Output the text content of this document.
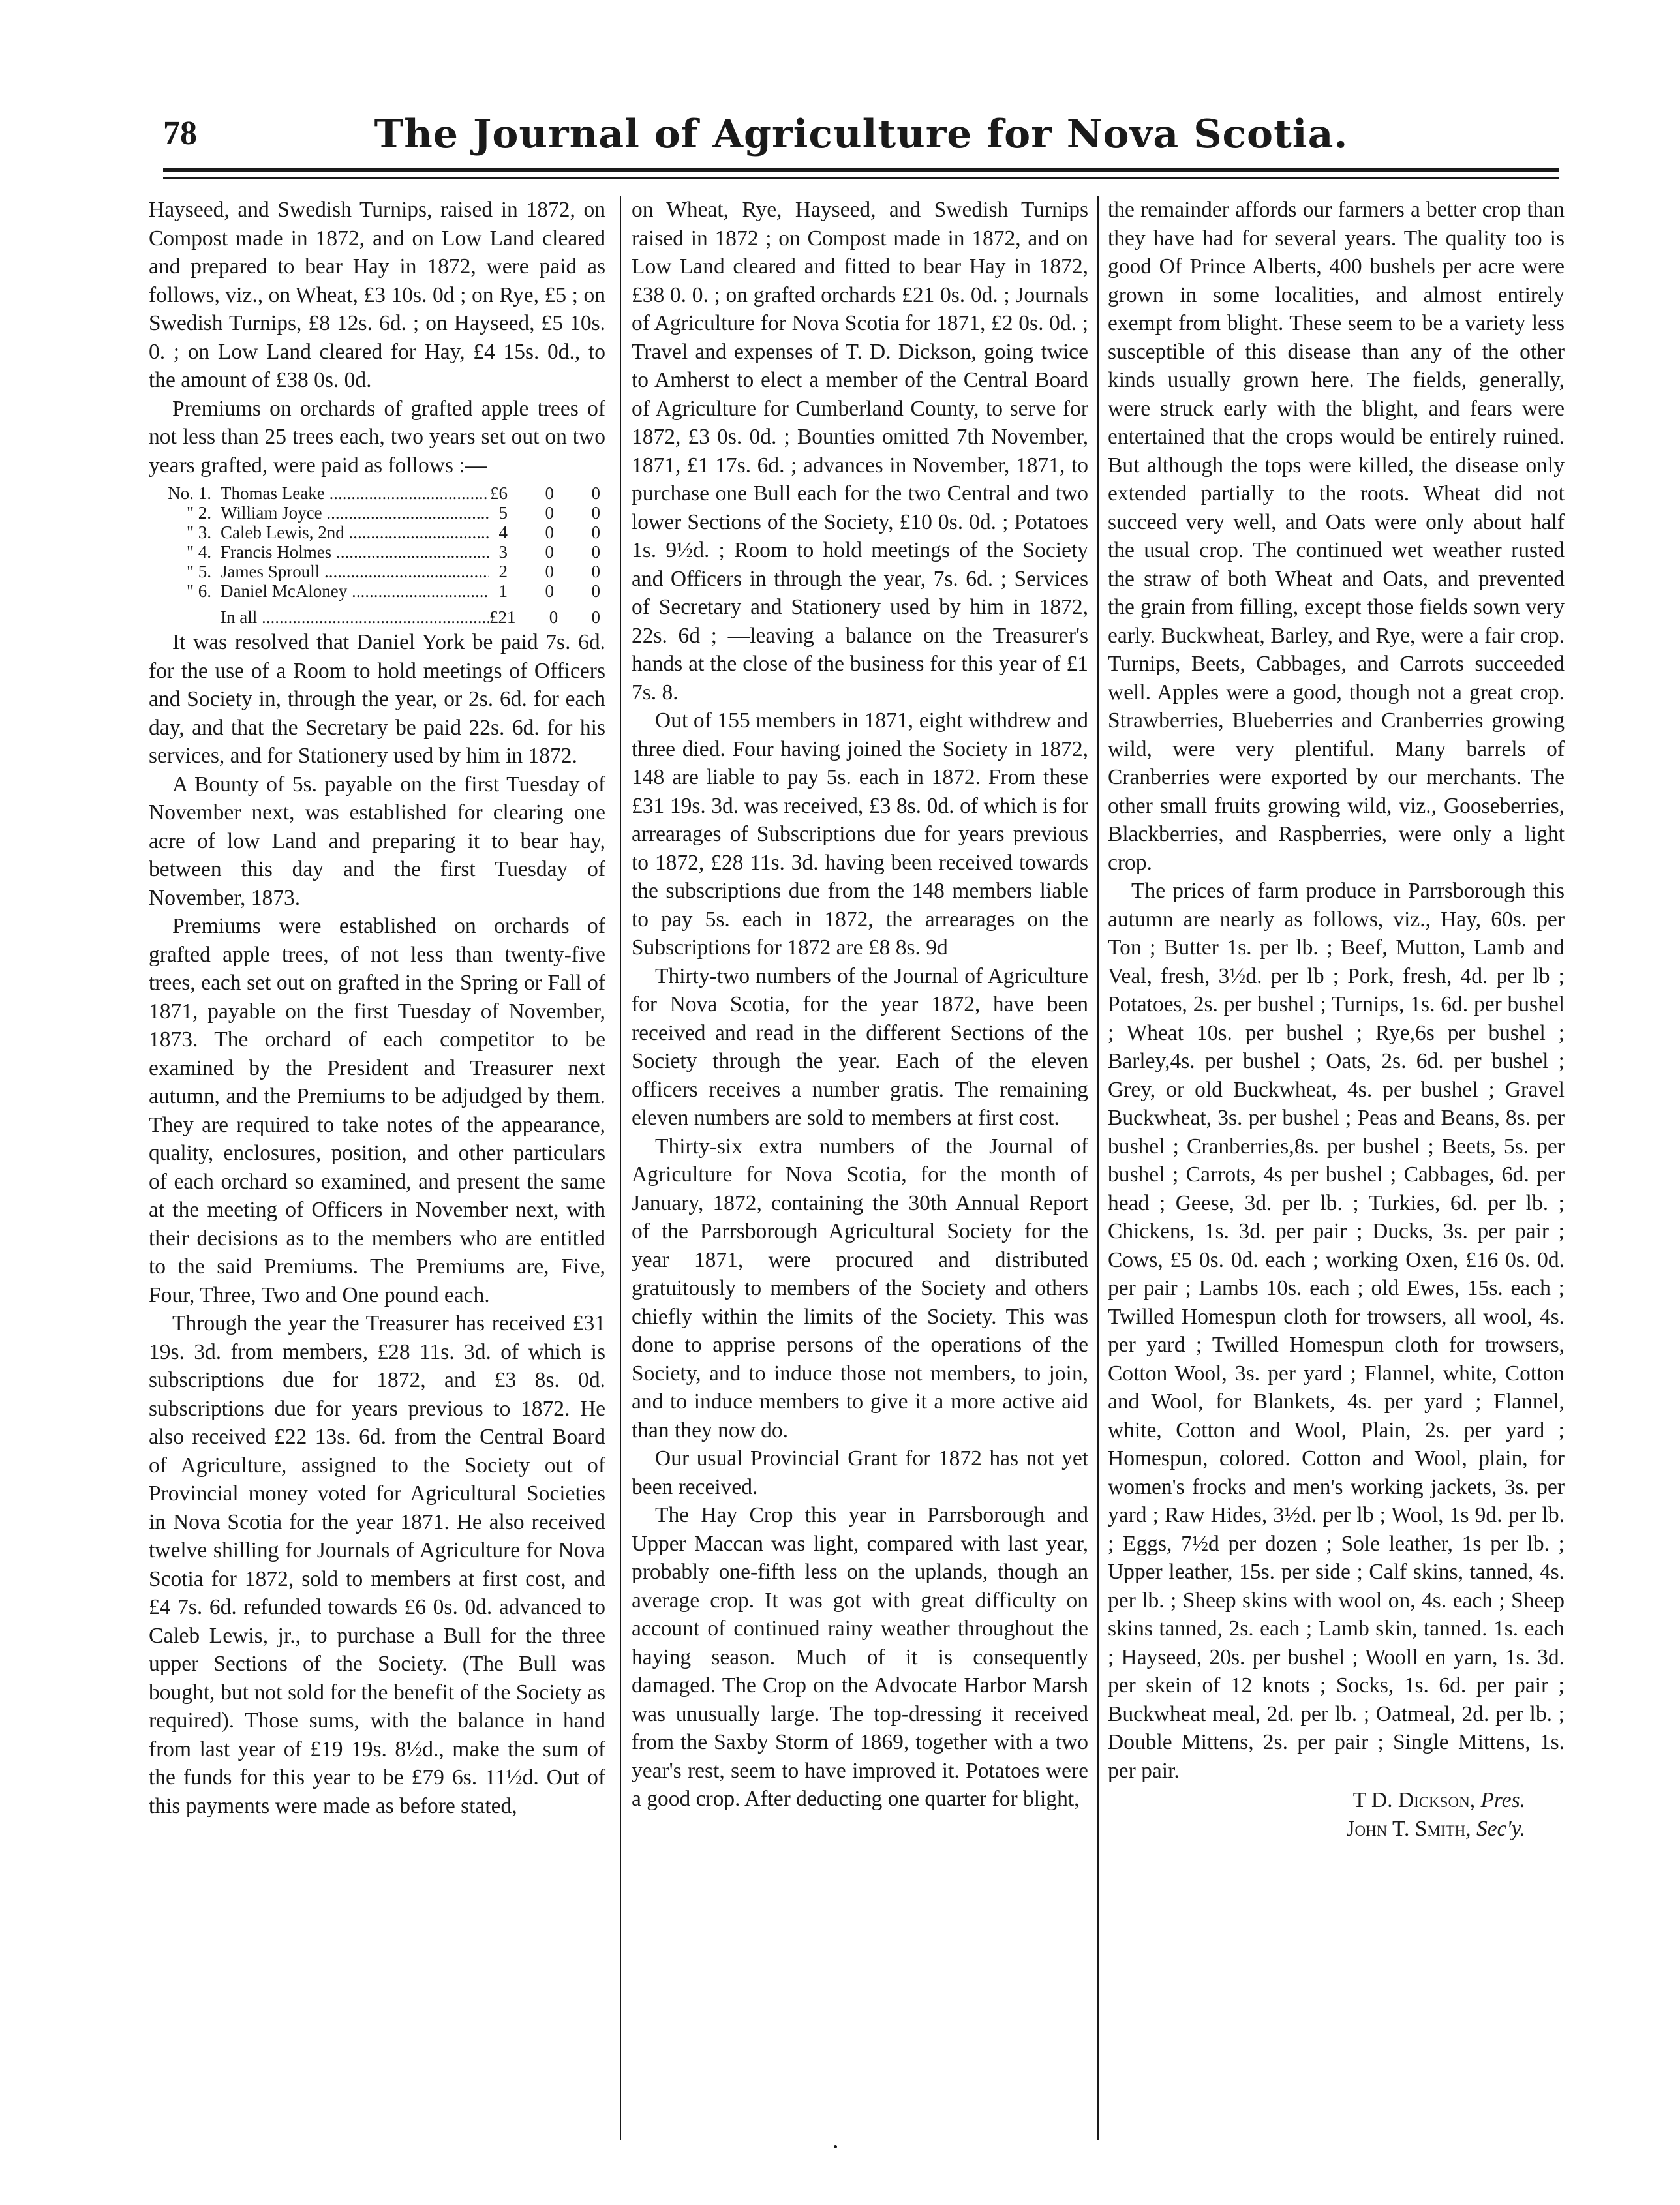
78	The Journal of Agriculture for Nova Scotia.

Hayseed, and Swedish Turnips, raised in 1872, on Compost made in 1872, and on Low Land cleared and prepared to bear Hay in 1872, were paid as follows, viz., on Wheat, £3 10s. 0d ; on Rye, £5 ; on Swedish Turnips, £8 12s. 6d. ; on Hayseed, £5 10s. 0. ; on Low Land cleared for Hay, £4 15s. 0d., to the amount of £38 0s. 0d.

Premiums on orchards of grafted apple trees of not less than 25 trees each, two years set out on two years grafted, were paid as follows :—

No. 1. Thomas Leake .....	£6	0	0
" 2. William Joyce .....	5	0	0
" 3. Caleb Lewis, 2nd .....	4	0	0
" 4. Francis Holmes .....	3	0	0
" 5. James Sproull .....	2	0	0
" 6. Daniel McAloney .....	1	0	0
In all .....	£21	0	0

It was resolved that Daniel York be paid 7s. 6d. for the use of a Room to hold meetings of Officers and Society in, through the year, or 2s. 6d. for each day, and that the Secretary be paid 22s. 6d. for his services, and for Stationery used by him in 1872.

A Bounty of 5s. payable on the first Tuesday of November next, was established for clearing one acre of low Land and preparing it to bear hay, between this day and the first Tuesday of November, 1873.

Premiums were established on orchards of grafted apple trees, of not less than twenty-five trees, each set out on grafted in the Spring or Fall of 1871, payable on the first Tuesday of November, 1873. The orchard of each competitor to be examined by the President and Treasurer next autumn, and the Premiums to be adjudged by them. They are required to take notes of the appearance, quality, enclosures, position, and other particulars of each orchard so examined, and present the same at the meeting of Officers in November next, with their decisions as to the members who are entitled to the said Premiums. The Premiums are, Five, Four, Three, Two and One pound each.

Through the year the Treasurer has received £31 19s. 3d. from members, £28 11s. 3d. of which is subscriptions due for 1872, and £3 8s. 0d. subscriptions due for years previous to 1872. He also received £22 13s. 6d. from the Central Board of Agriculture, assigned to the Society out of Provincial money voted for Agricultural Societies in Nova Scotia for the year 1871. He also received twelve shilling for Journals of Agriculture for Nova Scotia for 1872, sold to members at first cost, and £4 7s. 6d. refunded towards £6 0s. 0d. advanced to Caleb Lewis, jr., to purchase a Bull for the three upper Sections of the Society. (The Bull was bought, but not sold for the benefit of the Society as required). Those sums, with the balance in hand from last year of £19 19s. 8½d., make the sum of the funds for this year to be £79 6s. 11½d. Out of this payments were made as before stated,

on Wheat, Rye, Hayseed, and Swedish Turnips raised in 1872 ; on Compost made in 1872, and on Low Land cleared and fitted to bear Hay in 1872, £38 0. 0. ; on grafted orchards £21 0s. 0d. ; Journals of Agriculture for Nova Scotia for 1871, £2 0s. 0d. ; Travel and expenses of T. D. Dickson, going twice to Amherst to elect a member of the Central Board of Agriculture for Cumberland County, to serve for 1872, £3 0s. 0d. ; Bounties omitted 7th November, 1871, £1 17s. 6d. ; advances in November, 1871, to purchase one Bull each for the two Central and two lower Sections of the Society, £10 0s. 0d. ; Potatoes 1s. 9½d. ; Room to hold meetings of the Society and Officers in through the year, 7s. 6d. ; Services of Secretary and Stationery used by him in 1872, 22s. 6d ; —leaving a balance on the Treasurer's hands at the close of the business for this year of £1 7s. 8.

Out of 155 members in 1871, eight withdrew and three died. Four having joined the Society in 1872, 148 are liable to pay 5s. each in 1872. From these £31 19s. 3d. was received, £3 8s. 0d. of which is for arrearages of Subscriptions due for years previous to 1872, £28 11s. 3d. having been received towards the subscriptions due from the 148 members liable to pay 5s. each in 1872, the arrearages on the Subscriptions for 1872 are £8 8s. 9d

Thirty-two numbers of the Journal of Agriculture for Nova Scotia, for the year 1872, have been received and read in the different Sections of the Society through the year. Each of the eleven officers receives a number gratis. The remaining eleven numbers are sold to members at first cost.

Thirty-six extra numbers of the Journal of Agriculture for Nova Scotia, for the month of January, 1872, containing the 30th Annual Report of the Parrsborough Agricultural Society for the year 1871, were procured and distributed gratuitously to members of the Society and others chiefly within the limits of the Society. This was done to apprise persons of the operations of the Society, and to induce those not members, to join, and to induce members to give it a more active aid than they now do.

Our usual Provincial Grant for 1872 has not yet been received.

The Hay Crop this year in Parrsborough and Upper Maccan was light, compared with last year, probably one-fifth less on the uplands, though an average crop. It was got with great difficulty on account of continued rainy weather throughout the haying season. Much of it is consequently damaged. The Crop on the Advocate Harbor Marsh was unusually large. The top-dressing it received from the Saxby Storm of 1869, together with a two year's rest, seem to have improved it. Potatoes were a good crop. After deducting one quarter for blight,

the remainder affords our farmers a better crop than they have had for several years. The quality too is good Of Prince Alberts, 400 bushels per acre were grown in some localities, and almost entirely exempt from blight. These seem to be a variety less susceptible of this disease than any of the other kinds usually grown here. The fields, generally, were struck early with the blight, and fears were entertained that the crops would be entirely ruined. But although the tops were killed, the disease only extended partially to the roots. Wheat did not succeed very well, and Oats were only about half the usual crop. The continued wet weather rusted the straw of both Wheat and Oats, and prevented the grain from filling, except those fields sown very early. Buckwheat, Barley, and Rye, were a fair crop. Turnips, Beets, Cabbages, and Carrots succeeded well. Apples were a good, though not a great crop. Strawberries, Blueberries and Cranberries growing wild, were very plentiful. Many barrels of Cranberries were exported by our merchants. The other small fruits growing wild, viz., Gooseberries, Blackberries, and Raspberries, were only a light crop.

The prices of farm produce in Parrsborough this autumn are nearly as follows, viz., Hay, 60s. per Ton ; Butter 1s. per lb. ; Beef, Mutton, Lamb and Veal, fresh, 3½d. per lb ; Pork, fresh, 4d. per lb ; Potatoes, 2s. per bushel ; Turnips, 1s. 6d. per bushel ; Wheat 10s. per bushel ; Rye,6s per bushel ; Barley,4s. per bushel ; Oats, 2s. 6d. per bushel ; Grey, or old Buckwheat, 4s. per bushel ; Gravel Buckwheat, 3s. per bushel ; Peas and Beans, 8s. per bushel ; Cranberries,8s. per bushel ; Beets, 5s. per bushel ; Carrots, 4s per bushel ; Cabbages, 6d. per head ; Geese, 3d. per lb. ; Turkies, 6d. per lb. ; Chickens, 1s. 3d. per pair ; Ducks, 3s. per pair ; Cows, £5 0s. 0d. each ; working Oxen, £16 0s. 0d. per pair ; Lambs 10s. each ; old Ewes, 15s. each ; Twilled Homespun cloth for trowsers, all wool, 4s. per yard ; Twilled Homespun cloth for trowsers, Cotton Wool, 3s. per yard ; Flannel, white, Cotton and Wool, for Blankets, 4s. per yard ; Flannel, white, Cotton and Wool, Plain, 2s. per yard ; Homespun, colored. Cotton and Wool, plain, for women's frocks and men's working jackets, 3s. per yard ; Raw Hides, 3½d. per lb ; Wool, 1s 9d. per lb. ; Eggs, 7½d per dozen ; Sole leather, 1s per lb. ; Upper leather, 15s. per side ; Calf skins, tanned, 4s. per lb. ; Sheep skins with wool on, 4s. each ; Sheep skins tanned, 2s. each ; Lamb skin, tanned. 1s. each ; Hayseed, 20s. per bushel ; Wooll en yarn, 1s. 3d. per skein of 12 knots ; Socks, 1s. 6d. per pair ; Buckwheat meal, 2d. per lb. ; Oatmeal, 2d. per lb. ; Double Mittens, 2s. per pair ; Single Mittens, 1s. per pair.

T D. Dickson, Pres.
John T. Smith, Sec'y.
